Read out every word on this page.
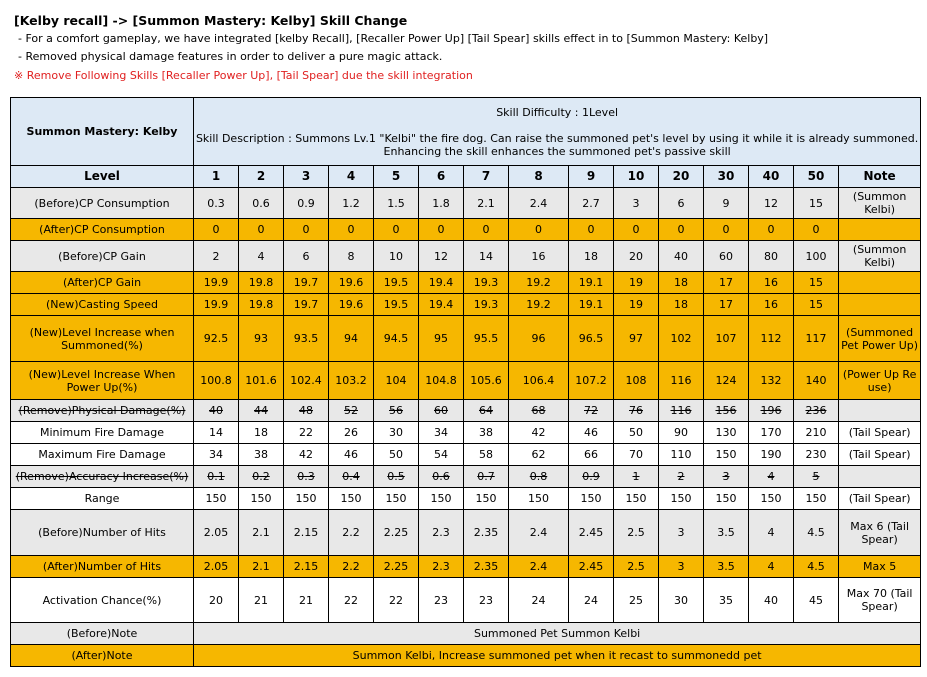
[Kelby recall] -> [Summon Mastery: Kelby] Skill Change
- For a comfort gameplay, we have integrated [kelby Recall], [Recaller Power Up] [Tail Spear] skills effect in to [Summon Mastery: Kelby]
- Removed physical damage features in order to deliver a pure magic attack.
※ Remove Following Skills [Recaller Power Up], [Tail Spear] due the skill integration
Summon Mastery: Kelby	Skill Difficulty : 1Level

Skill Description : Summons Lv.1 "Kelbi" the fire dog. Can raise the summoned pet's level by using it while it is already summoned. Enhancing the skill enhances the summoned pet's passive skill														

Level	1	2	3	4	5	6	7	8	9	10	20	30	40	50	Note
(Before)CP Consumption	0.3	0.6	0.9	1.2	1.5	1.8	2.1	2.4	2.7	3	6	9	12	15	(Summon Kelbi)
(After)CP Consumption	0	0	0	0	0	0	0	0	0	0	0	0	0	0	
(Before)CP Gain	2	4	6	8	10	12	14	16	18	20	40	60	80	100	(Summon Kelbi)
(After)CP Gain	19.9	19.8	19.7	19.6	19.5	19.4	19.3	19.2	19.1	19	18	17	16	15	
(New)Casting Speed	19.9	19.8	19.7	19.6	19.5	19.4	19.3	19.2	19.1	19	18	17	16	15	
(New)Level Increase when Summoned(%)	92.5	93	93.5	94	94.5	95	95.5	96	96.5	97	102	107	112	117	(Summoned Pet Power Up)
(New)Level Increase When Power Up(%)	100.8	101.6	102.4	103.2	104	104.8	105.6	106.4	107.2	108	116	124	132	140	(Power Up Re use)
(Remove)Physical Damage(%)	40	44	48	52	56	60	64	68	72	76	116	156	196	236	
Minimum Fire Damage	14	18	22	26	30	34	38	42	46	50	90	130	170	210	(Tail Spear)
Maximum Fire Damage	34	38	42	46	50	54	58	62	66	70	110	150	190	230	(Tail Spear)
(Remove)Accuracy Increase(%)	0.1	0.2	0.3	0.4	0.5	0.6	0.7	0.8	0.9	1	2	3	4	5	
Range	150	150	150	150	150	150	150	150	150	150	150	150	150	150	(Tail Spear)
(Before)Number of Hits	2.05	2.1	2.15	2.2	2.25	2.3	2.35	2.4	2.45	2.5	3	3.5	4	4.5	Max 6 (Tail Spear)
(After)Number of Hits	2.05	2.1	2.15	2.2	2.25	2.3	2.35	2.4	2.45	2.5	3	3.5	4	4.5	Max 5
Activation Chance(%)	20	21	21	22	22	23	23	24	24	25	30	35	40	45	Max 70 (Tail Spear)
(Before)Note	Summoned Pet Summon Kelbi														
(After)Note	Summon Kelbi, Increase summoned pet when it recast to summonedd pet														
